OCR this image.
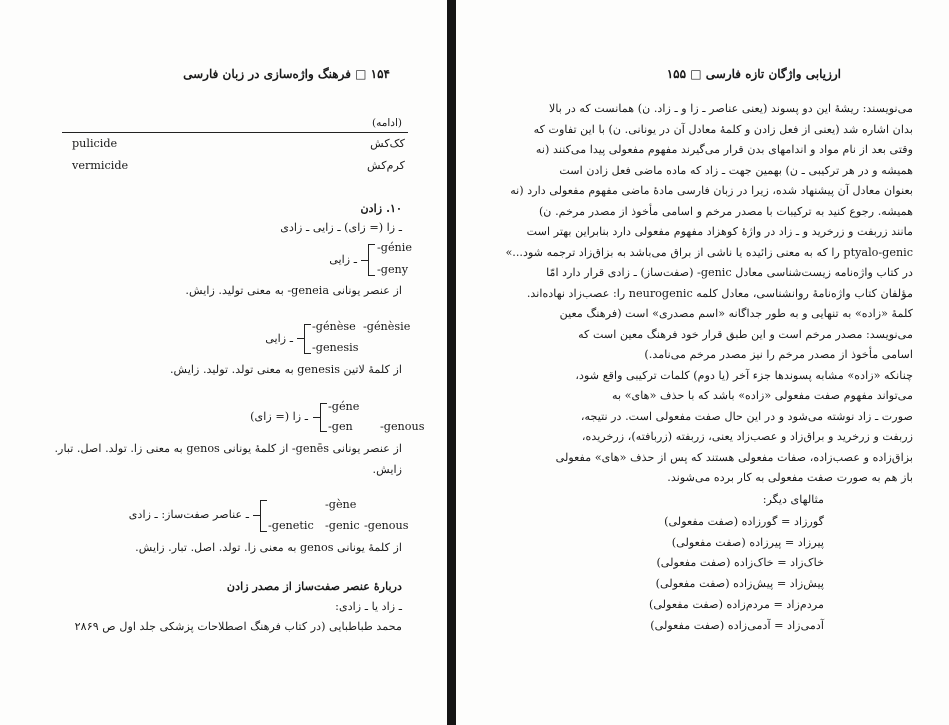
۱۵۴ □ فرهنگ واژه‌سازی در زبان فارسی
(ادامه)
pulicide	کک‌کش
vermicide	کرم‌کش
۱۰. زادن
ـ زا (= زای) ـ زایی ـ زادی
-génie
-geny
ـ زایی
از عنصر یونانی geneia- به معنی تولید. زایش.
-génèse -génèsie
-genesis
ـ زایی
از کلمهٔ لاتین genesis به معنی تولد. تولید. زایش.
-géne
-gen -genous
ـ زا (= زای)
از عنصر یونانی genēs- از کلمهٔ یونانی genos به معنی زا. تولد. اصل. تبار.
زایش.
-gène
-genetic -genic -genous
ـ عناصر صفت‌ساز: ـ زادی
از کلمهٔ یونانی genos به معنی زا. تولد. اصل. تبار. زایش.
دربارهٔ عنصر صفت‌ساز از مصدر زادن
ـ زاد یا ـ زادی:
محمد طباطبایی (در کتاب فرهنگ اصطلاحات پزشکی جلد اول ص ۲۸۶۹
ارزیابی واژگان تازه فارسی □ ۱۵۵
می‌نویسند: ریشهٔ این دو پسوند (یعنی عناصر ـ زا و ـ زاد. ن) همانست که در بالا
بدان اشاره شد (یعنی از فعل زادن و کلمهٔ معادل آن در یونانی. ن) با این تفاوت که
وقتی بعد از نام مواد و اندامهای بدن قرار می‌گیرند مفهوم مفعولی پیدا می‌کنند (نه
همیشه و در هر ترکیبی ـ ن) بهمین جهت ـ زاد که ماده ماضی فعل زادن است
بعنوان معادل آن پیشنهاد شده، زیرا در زبان فارسی مادهٔ ماضی مفهوم مفعولی دارد (نه
همیشه. رجوع کنید به ترکیبات با مصدر مرخم و اسامی مأخوذ از مصدر مرخم. ن)
مانند زربفت و زرخرید و ـ زاد در واژهٔ کوهزاد مفهوم مفعولی دارد بنابراین بهتر است
ptyalo-genic را که به معنی زائیده یا ناشی از براق می‌باشد به بزاق‌زاد ترجمه شود...»
در کتاب واژه‌نامه زیست‌شناسی معادل genic- (صفت‌ساز) ـ زادی قرار دارد امّا
مؤلفان کتاب واژه‌نامهٔ روانشناسی، معادل کلمه neurogenic را: عصب‌زاد نهاده‌اند.
کلمهٔ «زاده» به تنهایی و به طور جداگانه «اسم مصدری» است (فرهنگ معین
می‌نویسد: مصدر مرخم است و این طبق قرار خود فرهنگ معین است که
اسامی مأخوذ از مصدر مرخم را نیز مصدر مرخم می‌نامد.)
چنانکه «زاده» مشابه پسوندها جزء آخر (یا دوم) کلمات ترکیبی واقع شود،
می‌تواند مفهوم صفت مفعولی «زاده» باشد که با حذف «های» به
صورت ـ زاد نوشته می‌شود و در این حال صفت مفعولی است. در نتیجه،
زربفت و زرخرید و براق‌زاد و عصب‌زاد یعنی، زربفته (زربافته)، زرخریده،
بزاق‌زاده و عصب‌زاده، صفات مفعولی هستند که پس از حذف «های» مفعولی
باز هم به صورت صفت مفعولی به کار برده می‌شوند.
مثالهای دیگر:
گورزاد = گورزاده (صفت مفعولی)
پیرزاد = پیرزاده (صفت مفعولی)
خاک‌زاد = خاک‌زاده (صفت مفعولی)
پیش‌زاد = پیش‌زاده (صفت مفعولی)
مردم‌زاد = مردم‌زاده (صفت مفعولی)
آدمی‌زاد = آدمی‌زاده (صفت مفعولی)
